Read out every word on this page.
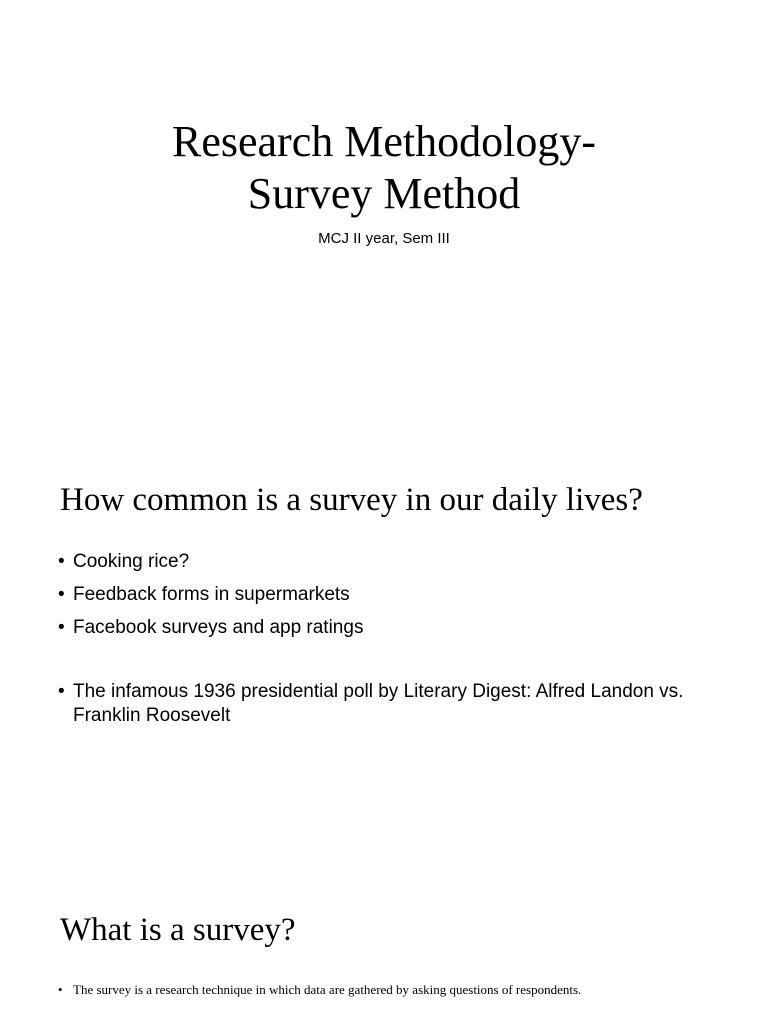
Research Methodology-
Survey Method
MCJ II year, Sem III
How common is a survey in our daily lives?
• Cooking rice?
• Feedback forms in supermarkets
• Facebook surveys and app ratings
• The infamous 1936 presidential poll by Literary Digest: Alfred Landon vs. Franklin Roosevelt
What is a survey?
• The survey is a research technique in which data are gathered by asking questions of respondents.
